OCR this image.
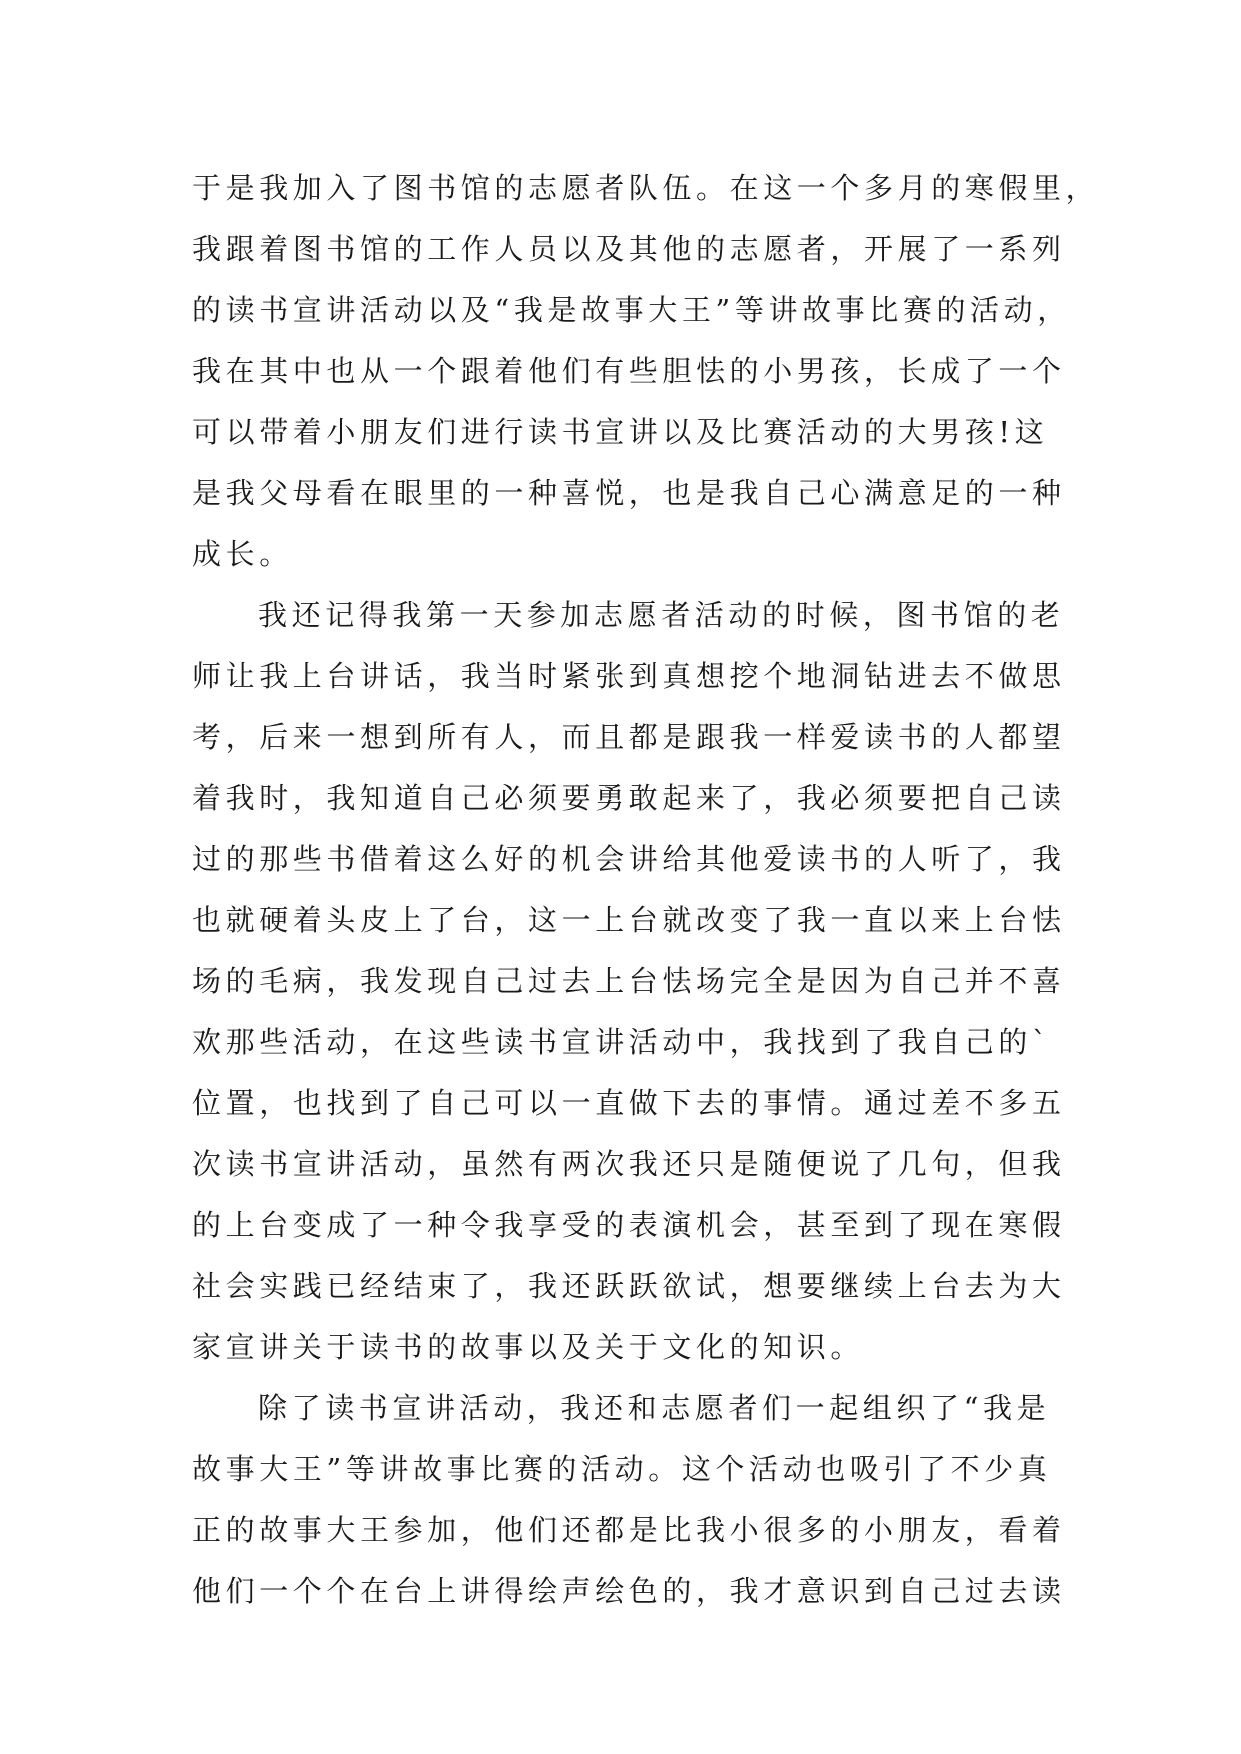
于是我加入了图书馆的志愿者队伍。在这一个多月的寒假里，
我跟着图书馆的工作人员以及其他的志愿者，开展了一系列
的读书宣讲活动以及“我是故事大王”等讲故事比赛的活动，
我在其中也从一个跟着他们有些胆怯的小男孩，长成了一个
可以带着小朋友们进行读书宣讲以及比赛活动的大男孩!这
是我父母看在眼里的一种喜悦，也是我自己心满意足的一种
成长。
我还记得我第一天参加志愿者活动的时候，图书馆的老
师让我上台讲话，我当时紧张到真想挖个地洞钻进去不做思
考，后来一想到所有人，而且都是跟我一样爱读书的人都望
着我时，我知道自己必须要勇敢起来了，我必须要把自己读
过的那些书借着这么好的机会讲给其他爱读书的人听了，我
也就硬着头皮上了台，这一上台就改变了我一直以来上台怯
场的毛病，我发现自己过去上台怯场完全是因为自己并不喜
欢那些活动，在这些读书宣讲活动中，我找到了我自己的`
位置，也找到了自己可以一直做下去的事情。通过差不多五
次读书宣讲活动，虽然有两次我还只是随便说了几句，但我
的上台变成了一种令我享受的表演机会，甚至到了现在寒假
社会实践已经结束了，我还跃跃欲试，想要继续上台去为大
家宣讲关于读书的故事以及关于文化的知识。
除了读书宣讲活动，我还和志愿者们一起组织了“我是
故事大王”等讲故事比赛的活动。这个活动也吸引了不少真
正的故事大王参加，他们还都是比我小很多的小朋友，看着
他们一个个在台上讲得绘声绘色的，我才意识到自己过去读
